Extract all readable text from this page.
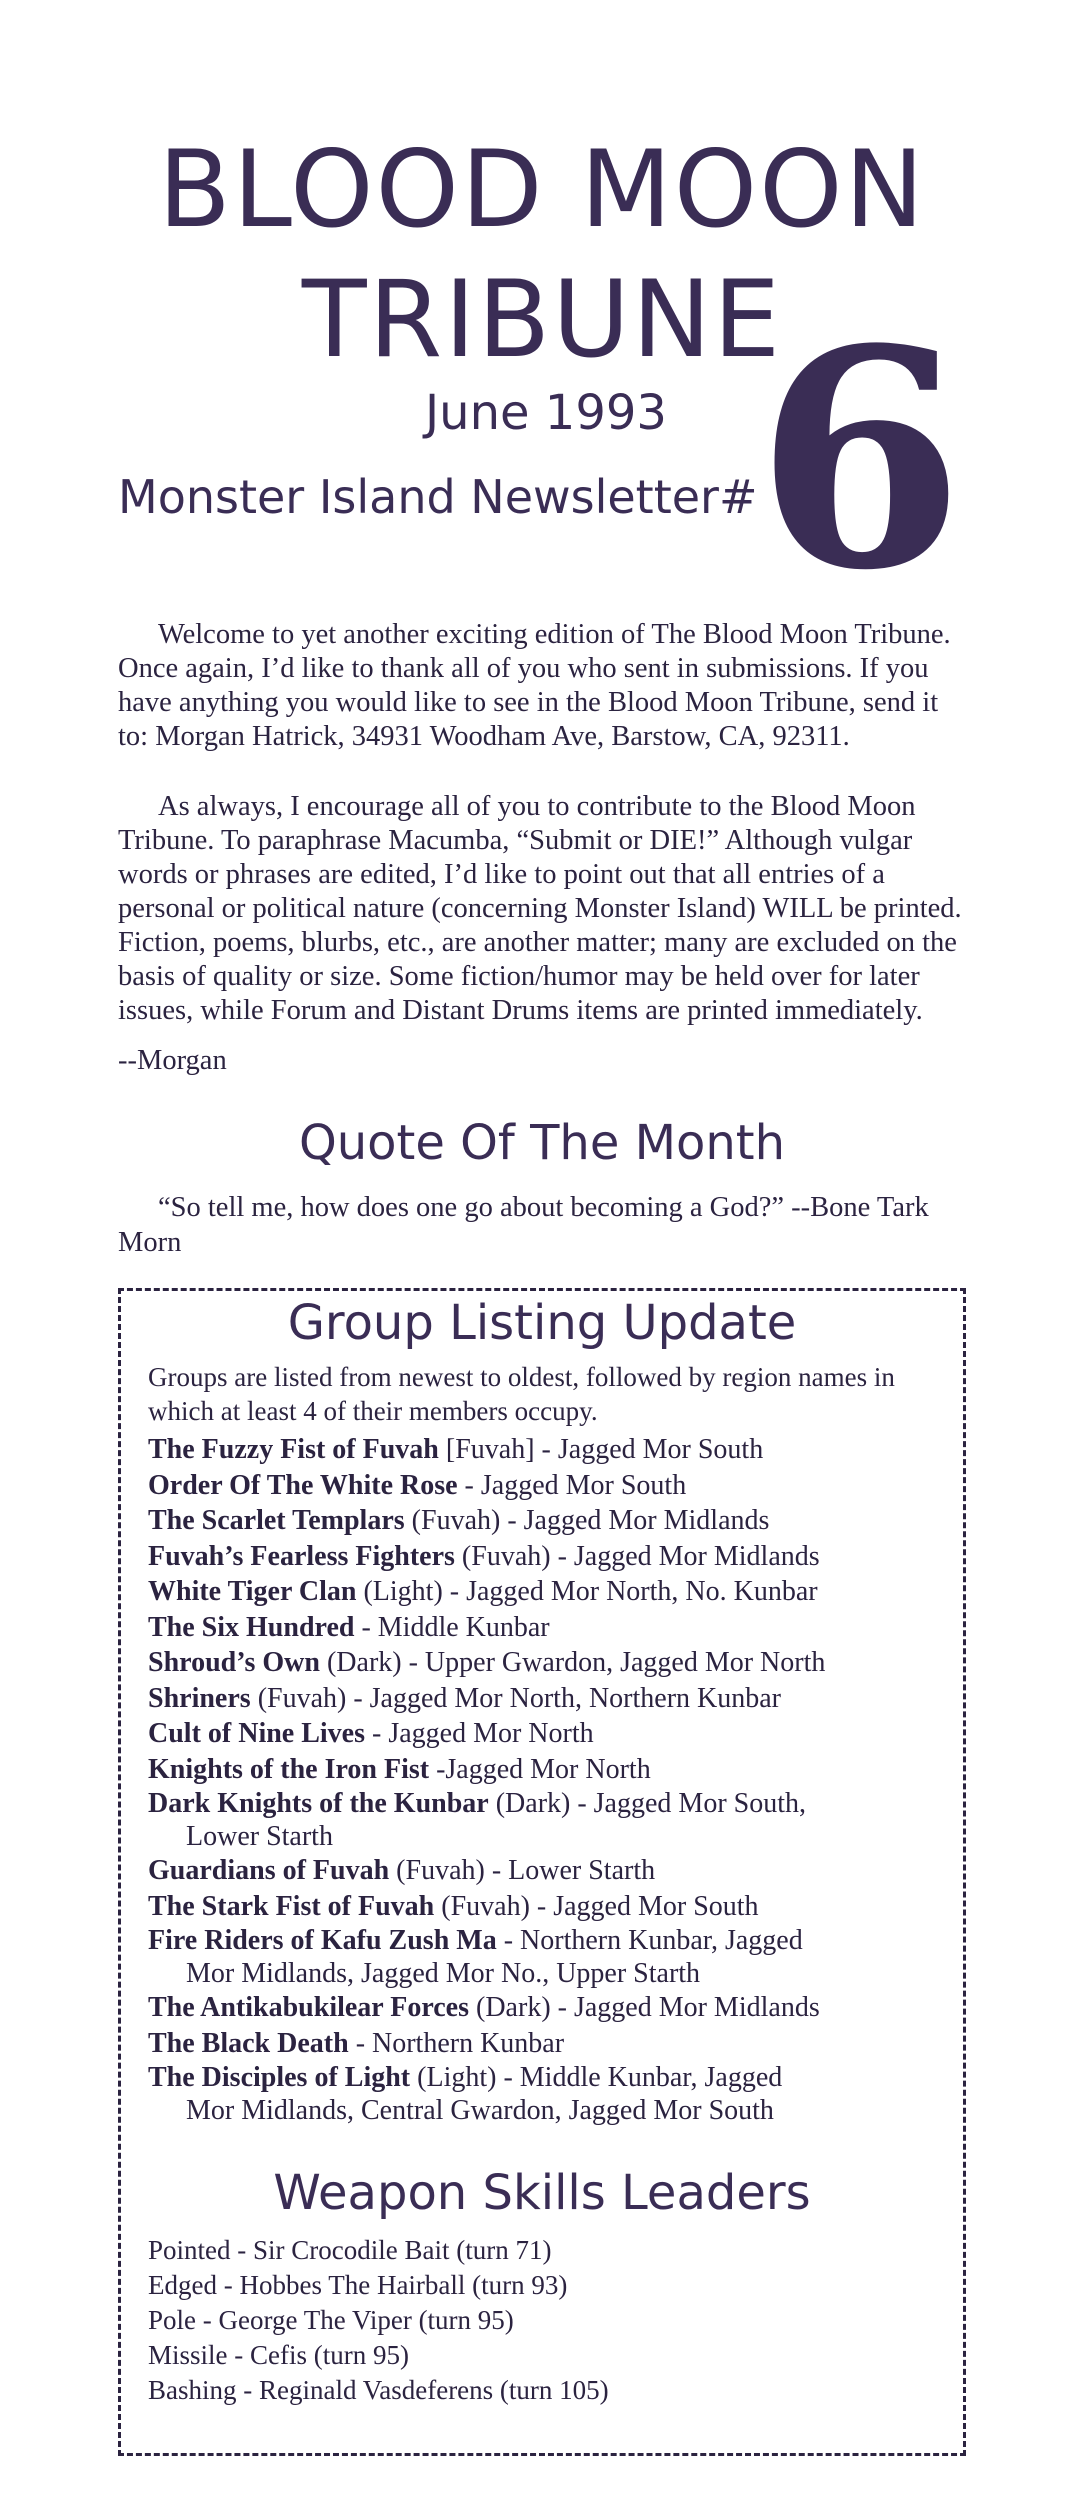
BLOOD MOON
TRIBUNE
June 1993
Monster Island Newsletter#
6

Welcome to yet another exciting edition of The Blood Moon Tribune. Once again, I’d like to thank all of you who sent in submissions. If you have anything you would like to see in the Blood Moon Tribune, send it to: Morgan Hatrick, 34931 Woodham Ave, Barstow, CA, 92311.

As always, I encourage all of you to contribute to the Blood Moon Tribune. To paraphrase Macumba, “Submit or DIE!” Although vulgar words or phrases are edited, I’d like to point out that all entries of a personal or political nature (concerning Monster Island) WILL be printed. Fiction, poems, blurbs, etc., are another matter; many are excluded on the basis of quality or size. Some fiction/humor may be held over for later issues, while Forum and Distant Drums items are printed immediately.

--Morgan
Quote Of The Month

“So tell me, how does one go about becoming a God?” --Bone Tark Morn

Group Listing Update

Groups are listed from newest to oldest, followed by region names in which at least 4 of their members occupy.

The Fuzzy Fist of Fuvah [Fuvah] - Jagged Mor South
Order Of The White Rose - Jagged Mor South
The Scarlet Templars (Fuvah) - Jagged Mor Midlands
Fuvah’s Fearless Fighters (Fuvah) - Jagged Mor Midlands
White Tiger Clan (Light) - Jagged Mor North, No. Kunbar
The Six Hundred - Middle Kunbar
Shroud’s Own (Dark) - Upper Gwardon, Jagged Mor North
Shriners (Fuvah) - Jagged Mor North, Northern Kunbar
Cult of Nine Lives - Jagged Mor North
Knights of the Iron Fist -Jagged Mor North
Dark Knights of the Kunbar (Dark) - Jagged Mor South,
Lower Starth
Guardians of Fuvah (Fuvah) - Lower Starth
The Stark Fist of Fuvah (Fuvah) - Jagged Mor South
Fire Riders of Kafu Zush Ma - Northern Kunbar, Jagged
Mor Midlands, Jagged Mor No., Upper Starth
The Antikabukilear Forces (Dark) - Jagged Mor Midlands
The Black Death - Northern Kunbar
The Disciples of Light (Light) - Middle Kunbar, Jagged
Mor Midlands, Central Gwardon, Jagged Mor South
Weapon Skills Leaders
Pointed - Sir Crocodile Bait (turn 71)
Edged - Hobbes The Hairball (turn 93)
Pole - George The Viper (turn 95)
Missile - Cefis (turn 95)
Bashing - Reginald Vasdeferens (turn 105)
